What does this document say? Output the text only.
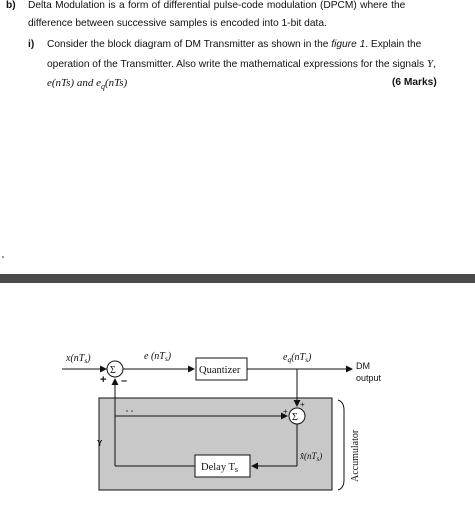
b) Delta Modulation is a form of differential pulse-code modulation (DPCM) where the
difference between successive samples is encoded into 1-bit data.
i) Consider the block diagram of DM Transmitter as shown in the figure 1. Explain the
operation of the Transmitter. Also write the mathematical expressions for the signals Y,
e(nTs) and $e_q(nTs)$	(6 Marks)
Σ	Quantizer
Σ
Delay Ts
$x(nT_s)$	e $(nT_s)$	$e_q(nT_s)$
+ –
+
+
DM
output
Y
$x̂(nT_s)$	Accumulator
